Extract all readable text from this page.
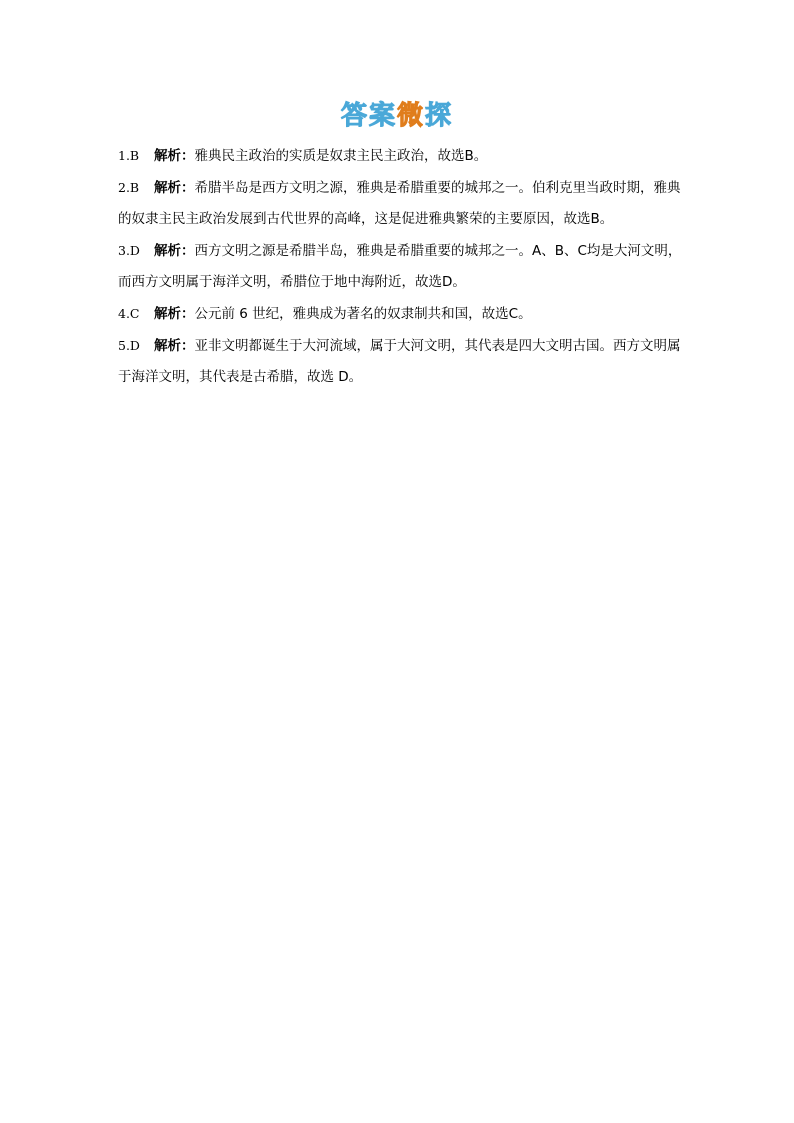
答案微探

1.B 解析：雅典民主政治的实质是奴隶主民主政治，故选B。

2.B 解析：希腊半岛是西方文明之源，雅典是希腊重要的城邦之一。伯利克里当政时期，雅典的奴隶主民主政治发展到古代世界的高峰，这是促进雅典繁荣的主要原因，故选B。

3.D 解析：西方文明之源是希腊半岛，雅典是希腊重要的城邦之一。A、B、C均是大河文明，而西方文明属于海洋文明，希腊位于地中海附近，故选D。

4.C 解析：公元前 6 世纪，雅典成为著名的奴隶制共和国，故选C。

5.D 解析：亚非文明都诞生于大河流域，属于大河文明，其代表是四大文明古国。西方文明属于海洋文明，其代表是古希腊，故选 D。
